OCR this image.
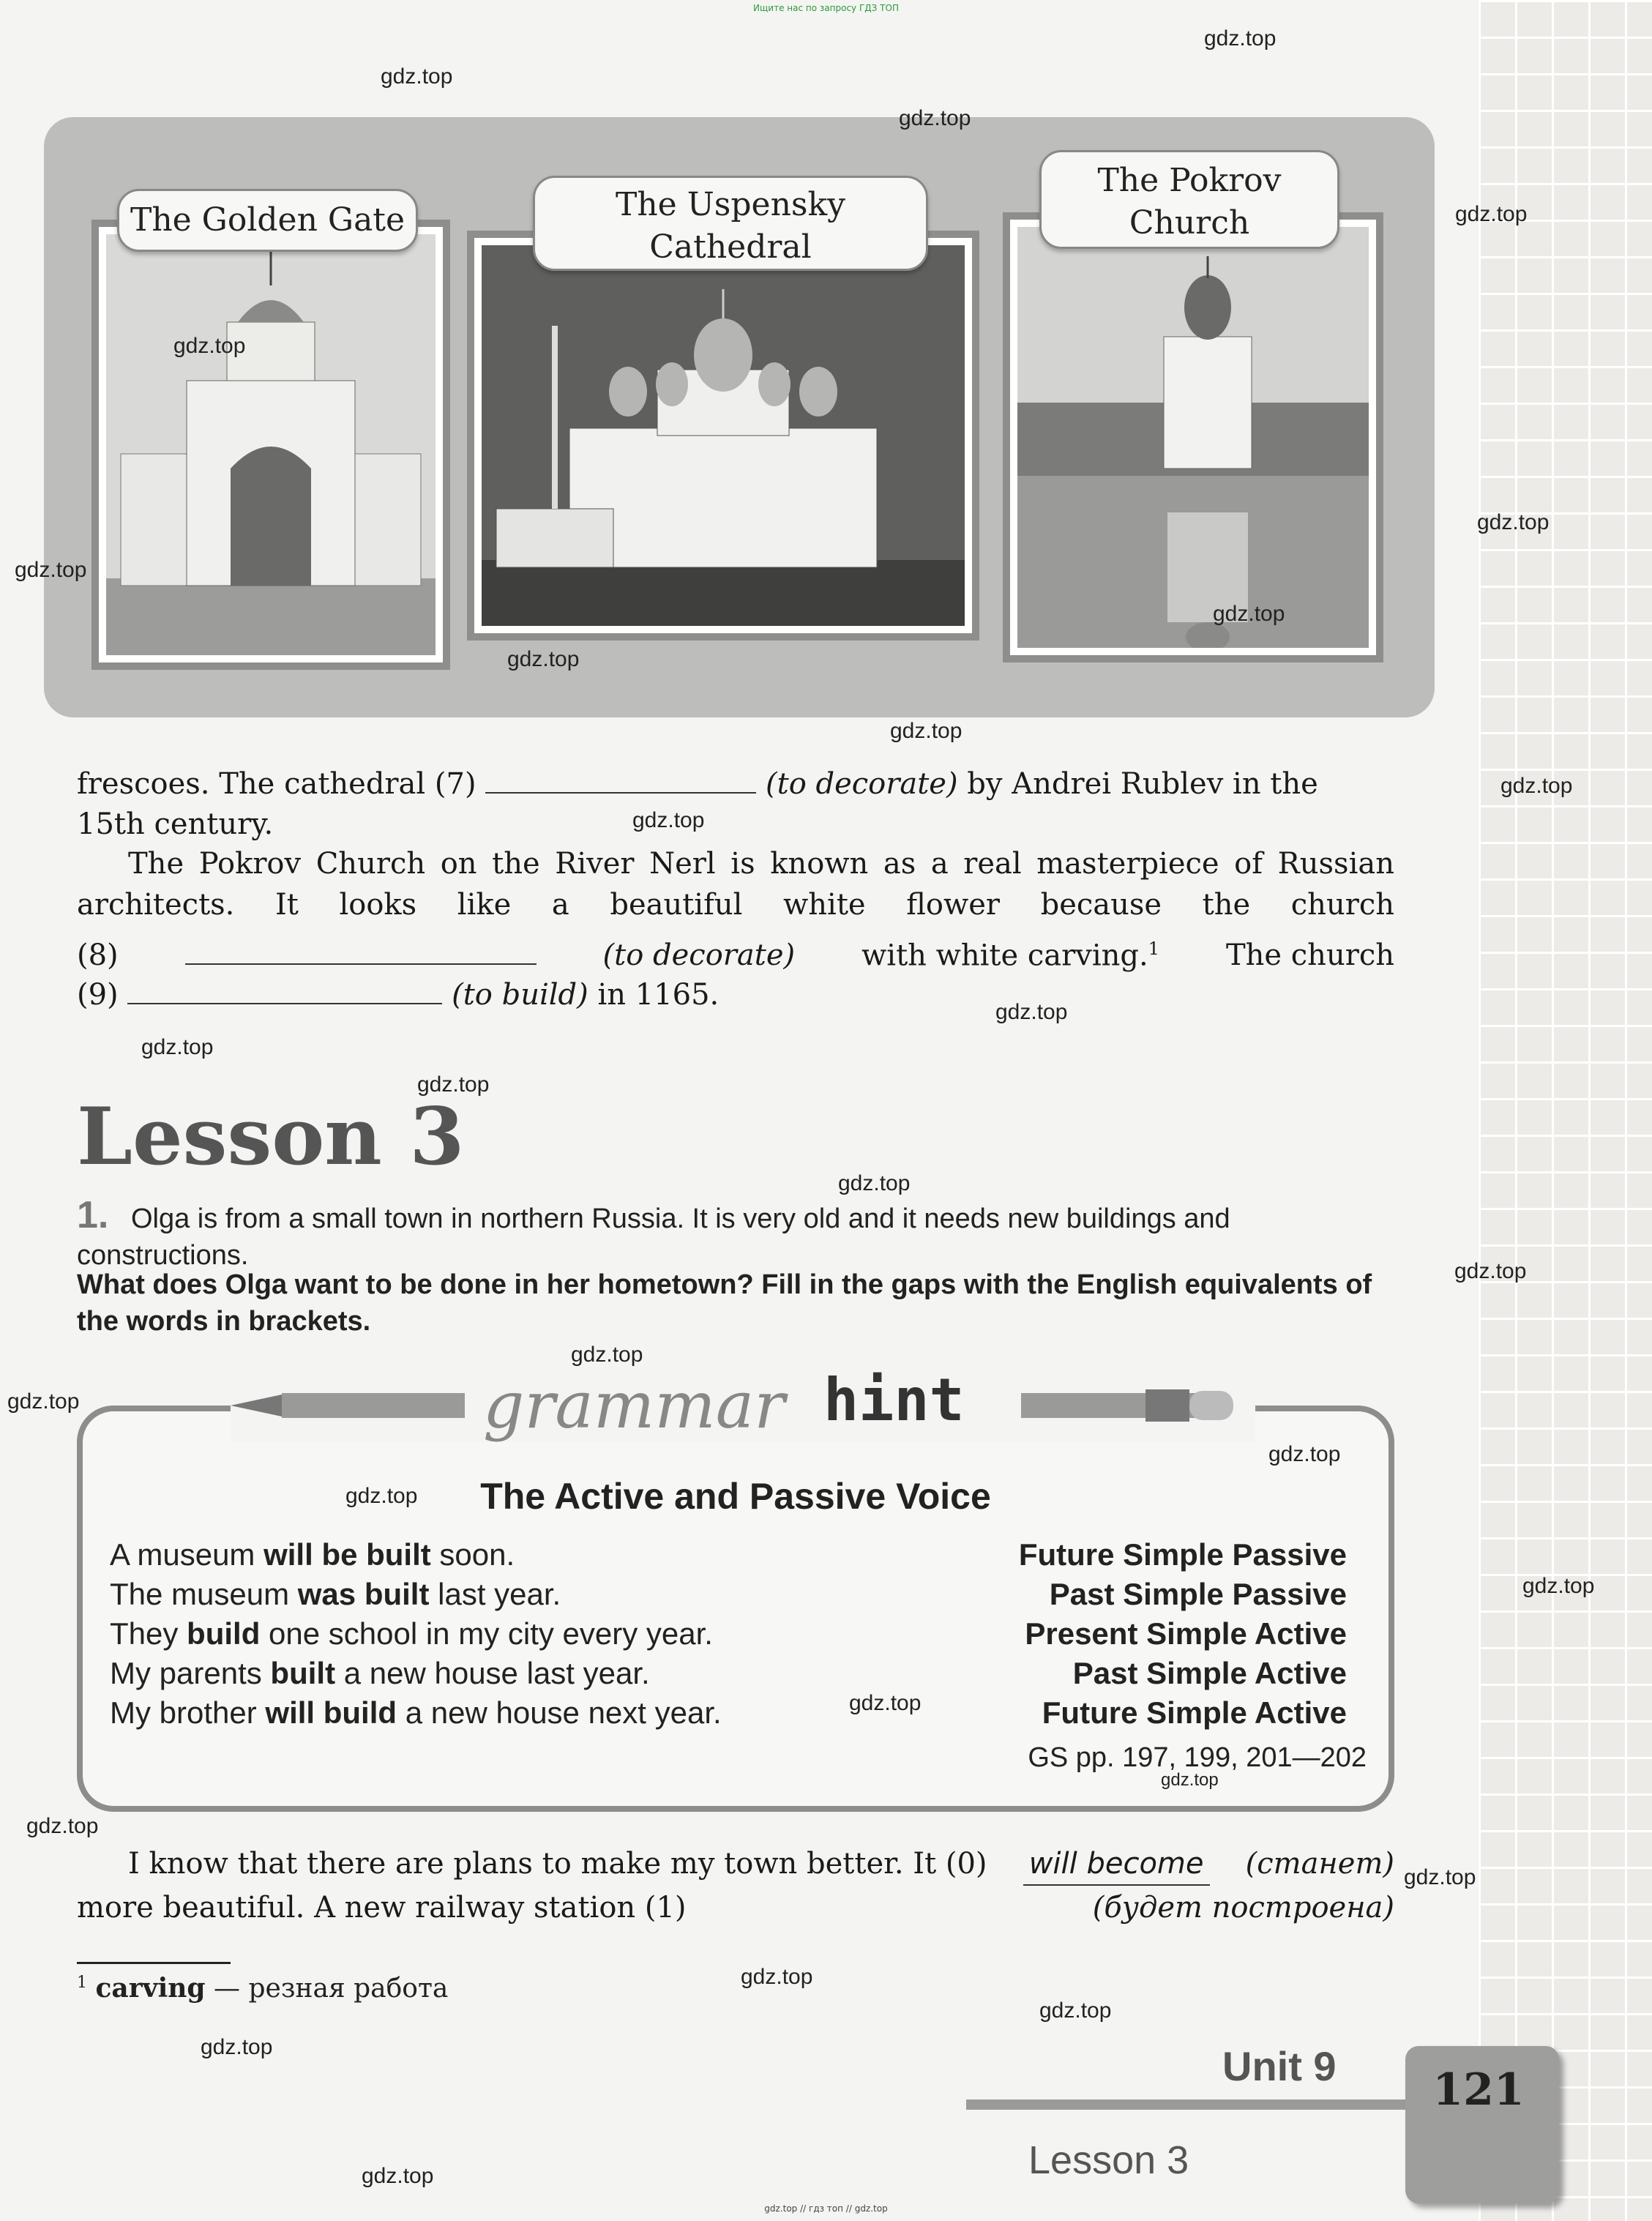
Ищите нас по запросу ГДЗ ТОП
The Golden Gate	The Uspensky Cathedral
The Pokrov Church
frescoes. The cathedral (7)	(to decorate) by Andrei Rublev in the
15th century.
The Pokrov Church on the River Nerl is known as a real masterpiece of Russian
architects. It looks like a beautiful white flower because the church
(8)	(to decorate) with white carving.$^1$ The church
(9)	(to build) in 1165.
Lesson 3
1. Olga is from a small town in northern Russia. It is very old and it needs new buildings and constructions.
What does Olga want to be done in her hometown? Fill in the gaps with the English equivalents of the words in brackets.
grammar hint
The Active and Passive Voice
A museum will be built soon.	Future Simple Passive
The museum was built last year.	Past Simple Passive
They build one school in my city every year.	Present Simple Active
My parents built a new house last year.	Past Simple Active
My brother will build a new house next year.	Future Simple Active
GS pp. 197, 199, 201—202
I know that there are plans to make my town better. It (0) will become (станет)
more beautiful. A new railway station (1)	(будет построена)
$^1$ carving — резная работа
Unit 9
Lesson 3
121
gdz.top
gdz.top
gdz.top
gdz.top
gdz.top
gdz.top
gdz.top
gdz.top
gdz.top
gdz.top
gdz.top
gdz.top
gdz.top
gdz.top
gdz.top
gdz.top
gdz.top
gdz.top
gdz.top
gdz.top
gdz.top
gdz.top
gdz.top
gdz.top
gdz.top
gdz.top
gdz.top
gdz.top
gdz.top
gdz.top
gdz.top // гдз топ // gdz.top
